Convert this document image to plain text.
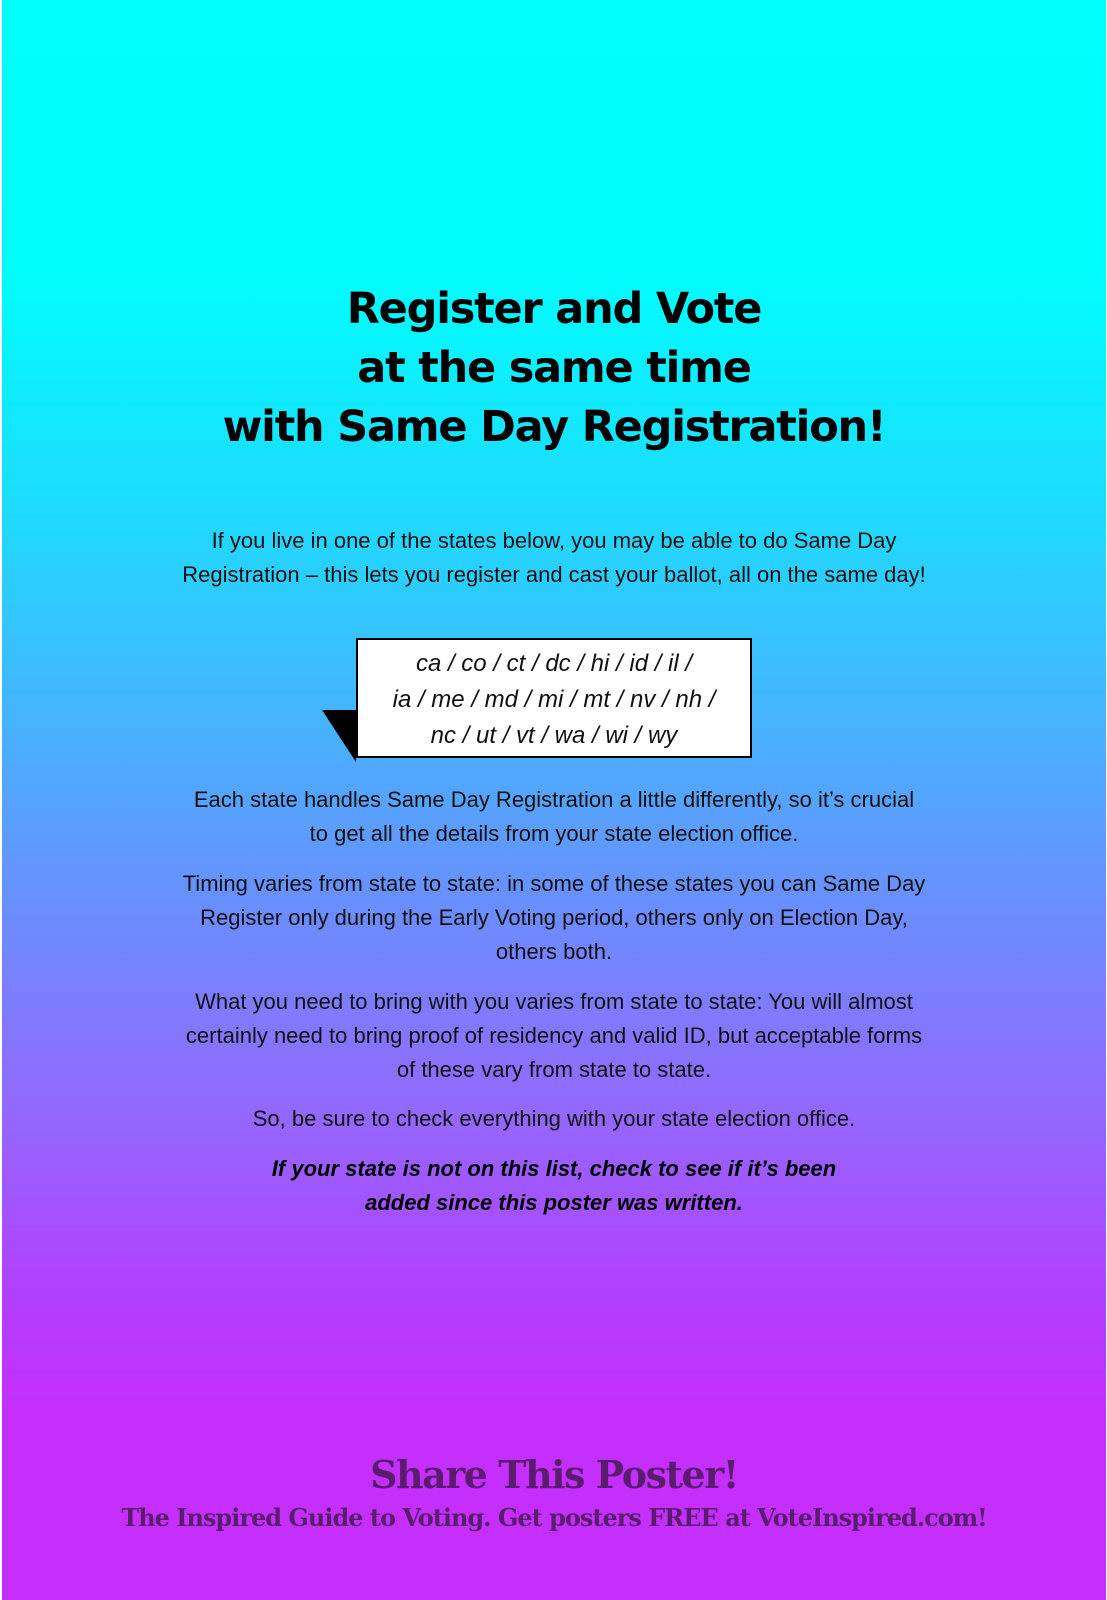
Register and Vote
at the same time
with Same Day Registration!

If you live in one of the states below, you may be able to do Same Day Registration – this lets you register and cast your ballot, all on the same day!

ca / co / ct / dc / hi / id / il /
ia / me / md / mi / mt / nv / nh /
nc / ut / vt / wa / wi / wy

Each state handles Same Day Registration a little differently, so it’s crucial to get all the details from your state election office.

Timing varies from state to state: in some of these states you can Same Day Register only during the Early Voting period, others only on Election Day, others both.

What you need to bring with you varies from state to state: You will almost certainly need to bring proof of residency and valid ID, but acceptable forms of these vary from state to state.

So, be sure to check everything with your state election office.

If your state is not on this list, check to see if it’s been
added since this poster was written.
Share This Poster!
The Inspired Guide to Voting. Get posters FREE at VoteInspired.com!
